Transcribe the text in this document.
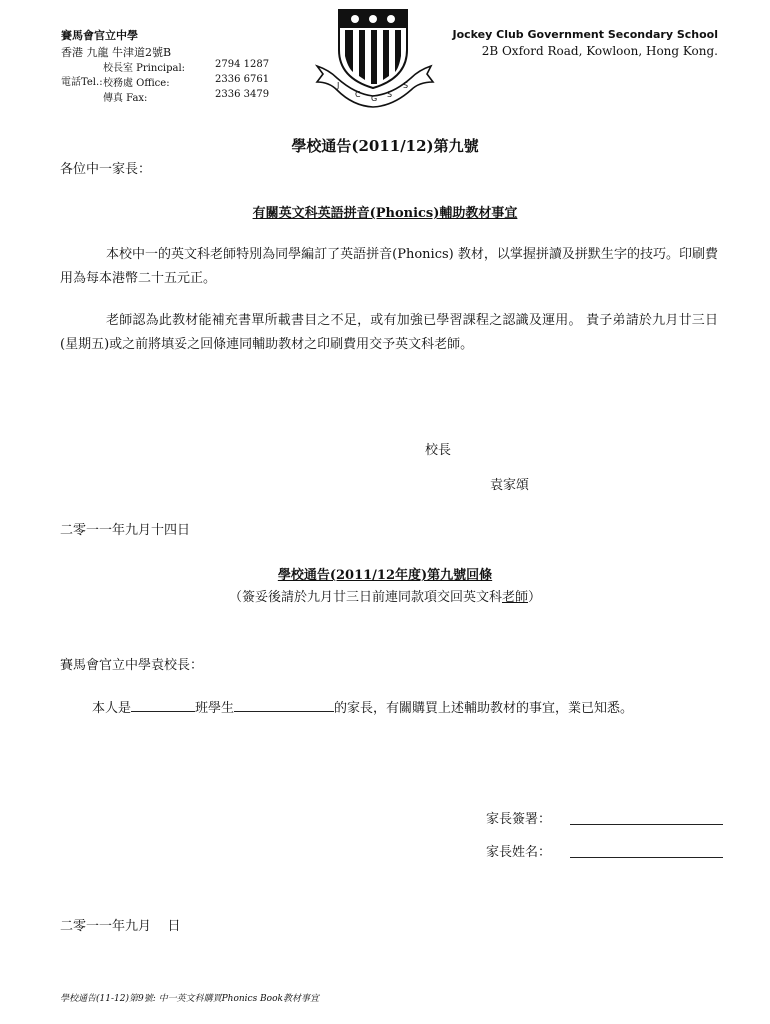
賽馬會官立中學
香港 九龍 牛津道2號B
校長室 Principal:	2794 1287
校務處 Office:	2336 6761
傳真 Fax:	2336 3479
電話Tel.:	J
C G S
S
Jockey Club Government Secondary School
2B Oxford Road, Kowloon, Hong Kong.
學校通告(2011/12)第九號
各位中一家長：
有關英文科英語拼音(Phonics)輔助教材事宜
本校中一的英文科老師特別為同學編訂了英語拼音(Phonics) 教材，以掌握拼讀及拼默生字的技巧。印刷費用為每本港幣二十五元正。
老師認為此教材能補充書單所載書目之不足，或有加強已學習課程之認識及運用。 貴子弟請於九月廿三日(星期五)或之前將填妥之回條連同輔助教材之印刷費用交予英文科老師。
校長
袁家頌
二零一一年九月十四日
學校通告(2011/12年度)第九號回條
（簽妥後請於九月廿三日前連同款項交回英文科老師）
賽馬會官立中學袁校長：
本人是	班學生	的家長，有關購買上述輔助教材的事宜，業已知悉。
家長簽署：
家長姓名：
二零一一年九月    日
學校通告(11-12)第9號: 中一英文科購買Phonics Book教材事宜
